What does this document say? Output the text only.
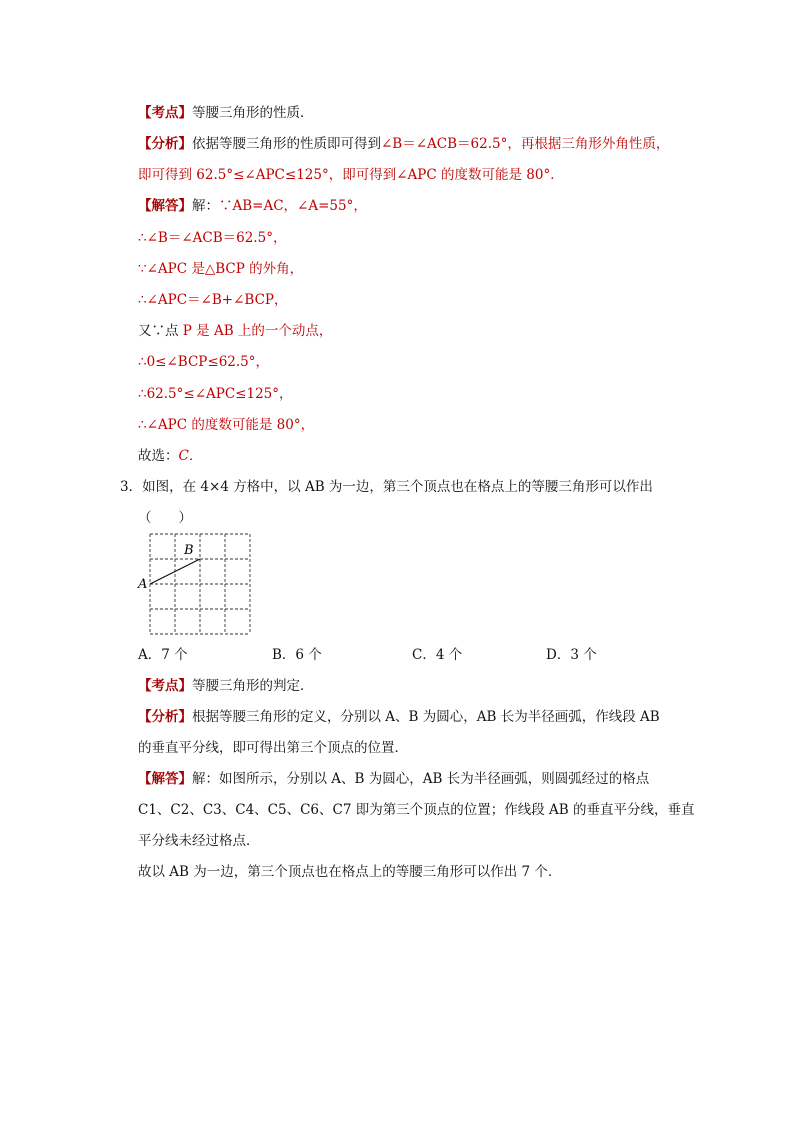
【考点】等腰三角形的性质．
【分析】依据等腰三角形的性质即可得到∠B＝∠ACB＝62.5°，再根据三角形外角性质，
即可得到 62.5°≤∠APC≤125°，即可得到∠APC 的度数可能是 80°．
【解答】解：∵AB=AC，∠A=55°，
∴∠B＝∠ACB＝62.5°，
∵∠APC 是△BCP 的外角，
∴∠APC＝∠B+∠BCP，
又∵点 P 是 AB 上的一个动点，
∴0≤∠BCP≤62.5°，
∴62.5°≤∠APC≤125°，
∴∠APC 的度数可能是 80°，
故选：C．
3．如图，在 4×4 方格中，以 AB 为一边，第三个顶点也在格点上的等腰三角形可以作出
（　　）
A
B
A．7 个	B．6 个	C．4 个	D．3 个
【考点】等腰三角形的判定．
【分析】根据等腰三角形的定义，分别以 A、B 为圆心，AB 长为半径画弧，作线段 AB
的垂直平分线，即可得出第三个顶点的位置．
【解答】解：如图所示，分别以 A、B 为圆心，AB 长为半径画弧，则圆弧经过的格点
C1、C2、C3、C4、C5、C6、C7 即为第三个顶点的位置；作线段 AB 的垂直平分线，垂直
平分线未经过格点．
故以 AB 为一边，第三个顶点也在格点上的等腰三角形可以作出 7 个．
